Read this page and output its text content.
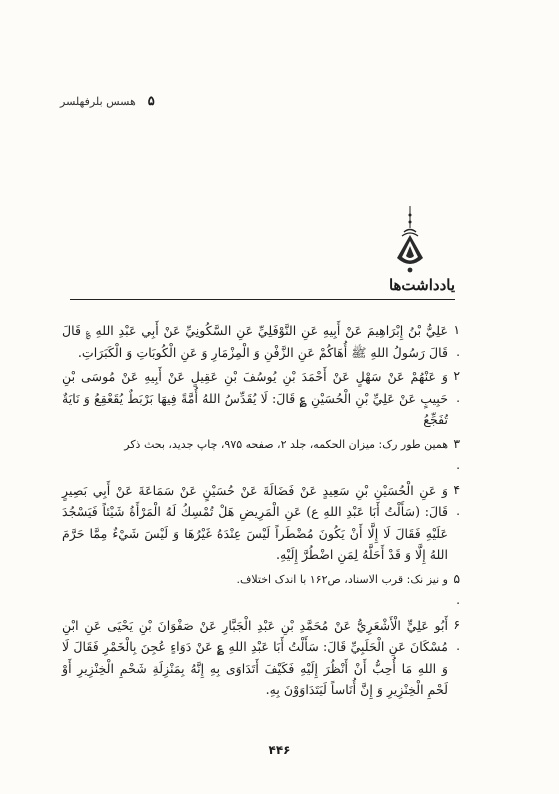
۵
هسس بلرفهلسر
یادداشت‌ها
۱ .
عَلِيُّ بْنُ إِبْرَاهِيمَ عَنْ أَبِيهِ عَنِ النَّوْفَلِيِّ عَنِ السَّكُونِيِّ عَنْ أَبِي عَبْدِ اللهِ ؏ قَالَ قَالَ رَسُولُ اللهِ ﷺ أُهَاكُمْ عَنِ الزَّفْنِ وَ الْمِزْمَارِ وَ عَنِ الْكُوبَاتِ وَ الْكَبَرَاتِ.
۲ .
وَ عَنْهُمْ عَنْ سَهْلٍ عَنْ أَحْمَدَ بْنِ يُوسُفَ بْنِ عَقِيلٍ عَنْ أَبِيهِ عَنْ مُوسَى بْنِ حَبِيبٍ عَنْ عَلِيِّ بْنِ الْحُسَيْنِ ؏ قَالَ: لَا يُقَدِّسُ اللهُ أُمَّةً فِيهَا بَرْبَطٌ يُقَعْقِعُ وَ نَايَةٌ تُفَجِّعُ
۳ .
همین طور رک: میزان الحکمه، جلد ۲، صفحه ۹۷۵، چاپ جدید، بحث ذکر
۴ .
وَ عَنِ الْحُسَيْنِ بْنِ سَعِيدٍ عَنْ فَضَالَةَ عَنْ حُسَيْنٍ عَنْ سَمَاعَةَ عَنْ أَبِي بَصِيرٍ قَالَ: (سَأَلْتُ أَبَا عَبْدِ اللهِ ع) عَنِ الْمَرِيضِ هَلْ تُمْسِكُ لَهُ الْمَرْأَةُ شَيْئاً فَيَسْجُدَ عَلَيْهِ فَقَالَ لَا إِلَّا أَنْ يَكُونَ مُضْطَراً لَيْسَ عِنْدَهُ غَيْرُهَا وَ لَيْسَ شَيْءٌ مِمَّا حَرَّمَ اللهُ إِلَّا وَ قَدْ أَحَلَّهُ لِمَنِ اضْطُرَّ إِلَيْهِ.
۵ .
و نیز نک: قرب الاسناد، ص۱۶۲ با اندک اختلاف.
۶ .
أَبُو عَلِيٍّ الْأَشْعَرِيُّ عَنْ مُحَمَّدِ بْنِ عَبْدِ الْجَبَّارِ عَنْ صَفْوَانَ بْنِ يَحْيَى عَنِ ابْنِ مُسْكَانَ عَنِ الْحَلَبِيِّ قَالَ: سَأَلْتُ أَبَا عَبْدِ اللهِ ؏ عَنْ دَوَاءٍ عُجِنَ بِالْخَمْرِ فَقَالَ لَا وَ اللهِ مَا أُحِبُّ أَنْ أَنْظُرَ إِلَيْهِ فَكَيْفَ أَتَدَاوَى بِهِ إِنَّهُ بِمَنْزِلَةِ شَحْمِ الْخِنْزِيرِ أَوْ لَحْمِ الْخِنْزِيرِ وَ إِنَّ أُنَاساً لَيَتَدَاوَوْنَ بِهِ.
۴۴۶
